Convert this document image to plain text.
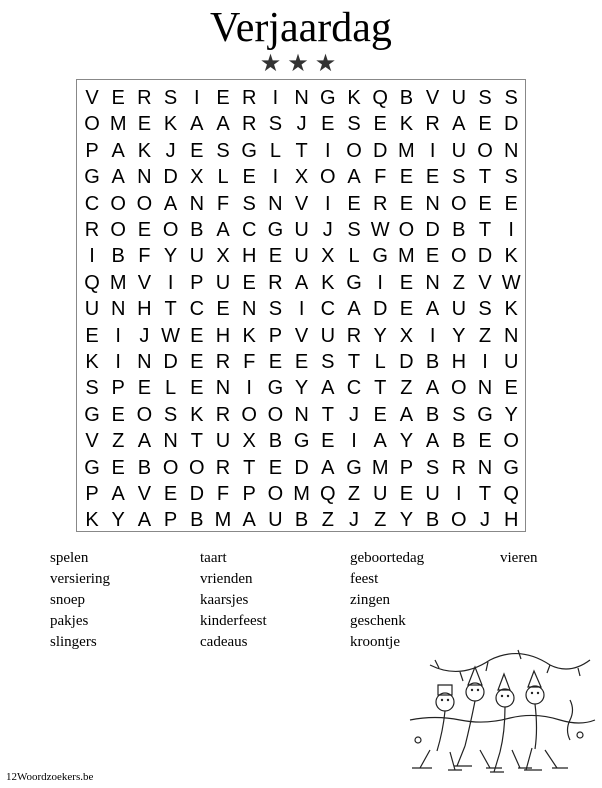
Verjaardag
★★★
V E R S I E R I N G K Q B V U S S
O M E K A A R S J E S E K R A E D
P A K J E S G L T I O D M I U O N
G A N D X L E I X O A F E E S T S
C O O A N F S N V I E R E N O E E
R O E O B A C G U J S W O D B T I
I B F Y U X H E U X L G M E O D K
Q M V I P U E R A K G I E N Z V W
U N H T C E N S I C A D E A U S K
E I J W E H K P V U R Y X I Y Z N
K I N D E R F E E S T L D B H I U
S P E L E N I G Y A C T Z A O N E
G E O S K R O O N T J E A B S G Y
V Z A N T U X B G E I A Y A B E O
G E B O O R T E D A G M P S R N G
P A V E D F P O M Q Z U E U I T Q
K Y A P B M A U B Z J Z Y B O J H
spelen
versiering
snoep
pakjes
slingers
taart
vrienden
kaarsjes
kinderfeest
cadeaus
geboortedag
feest
zingen
geschenk
kroontje
vieren
12Woordzoekers.be
